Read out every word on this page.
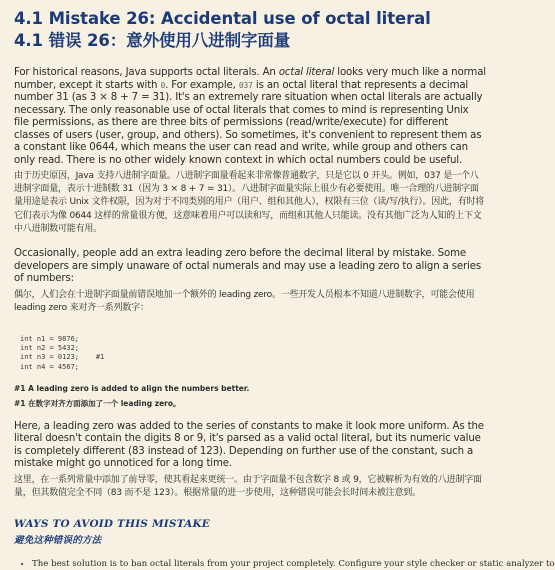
4.1 Mistake 26: Accidental use of octal literal
4.1 错误 26：意外使用八进制字面量

For historical reasons, Java supports octal literals. An octal literal looks very much like a normal number, except it starts with 0. For example, 037 is an octal literal that represents a decimal number 31 (as 3 × 8 + 7 = 31). It's an extremely rare situation when octal literals are actually necessary. The only reasonable use of octal literals that comes to mind is representing Unix file permissions, as there are three bits of permissions (read/write/execute) for different classes of users (user, group, and others). So sometimes, it's convenient to represent them as a constant like 0644, which means the user can read and write, while group and others can only read. There is no other widely known context in which octal numbers could be useful.

由于历史原因，Java 支持八进制字面量。八进制字面量看起来非常像普通数字，只是它以 0 开头。例如，037 是一个八进制字面量，表示十进制数 31（因为 3 × 8 + 7 = 31）。八进制字面量实际上很少有必要使用。唯一合理的八进制字面量用途是表示 Unix 文件权限，因为对于不同类别的用户（用户、组和其他人），权限有三位（读/写/执行）。因此，有时将它们表示为像 0644 这样的常量很方便，这意味着用户可以读和写，而组和其他人只能读。没有其他广泛为人知的上下文中八进制数可能有用。

Occasionally, people add an extra leading zero before the decimal literal by mistake. Some developers are simply unaware of octal numerals and may use a leading zero to align a series of numbers:

偶尔，人们会在十进制字面量前错误地加一个额外的 leading zero。一些开发人员根本不知道八进制数字，可能会使用 leading zero 来对齐一系列数字：

int n1 = 9876;
int n2 = 5432;
int n3 = 0123;    #1
int n4 = 4567;
#1 A leading zero is added to align the numbers better.
#1 在数字对齐方面添加了一个 leading zero。

Here, a leading zero was added to the series of constants to make it look more uniform. As the literal doesn't contain the digits 8 or 9, it's parsed as a valid octal literal, but its numeric value is completely different (83 instead of 123). Depending on further use of the constant, such a mistake might go unnoticed for a long time.

这里，在一系列常量中添加了前导零，使其看起来更统一。由于字面量不包含数字 8 或 9，它被解析为有效的八进制字面量，但其数值完全不同（83 而不是 123）。根据常量的进一步使用，这种错误可能会长时间未被注意到。

WAYS TO AVOID THIS MISTAKE
避免这种错误的方法
• The best solution is to ban octal literals from your project completely. Configure your style checker or static analyzer to
